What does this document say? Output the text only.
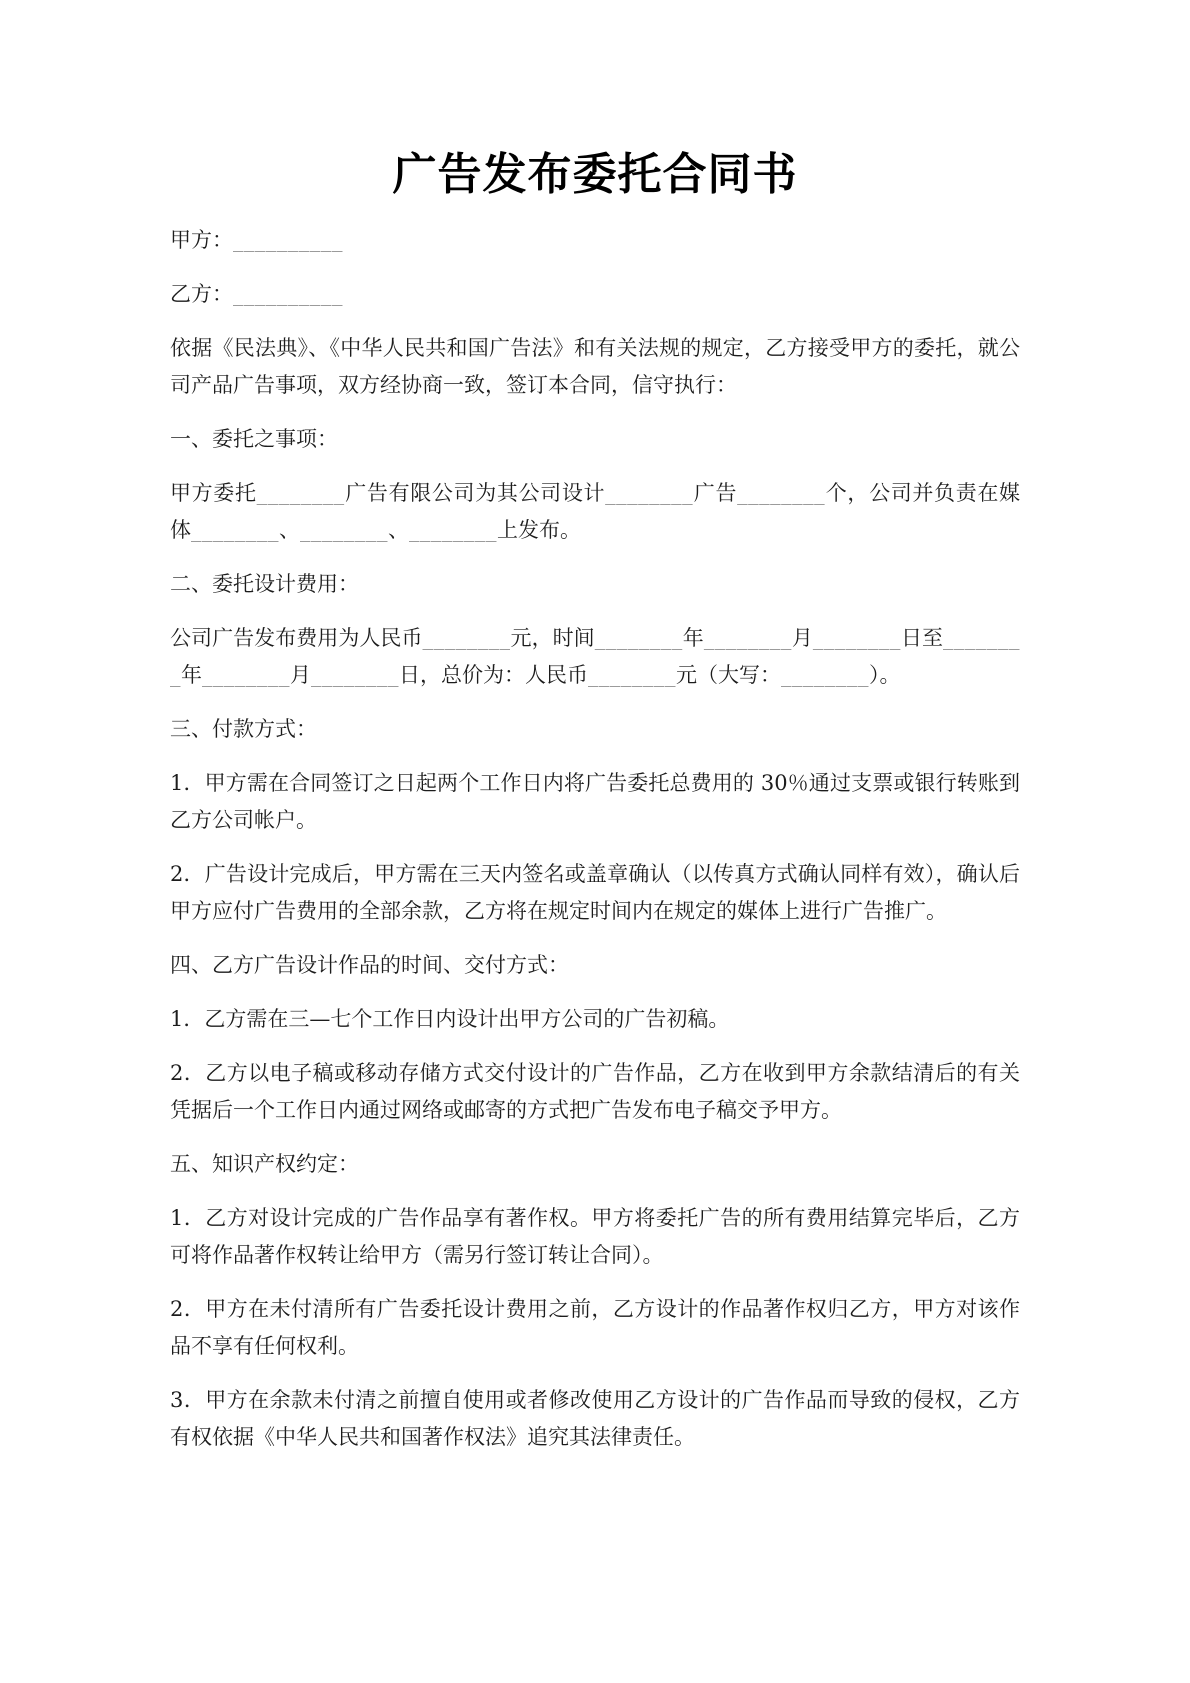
广告发布委托合同书

甲方：__________

乙方：__________

依据《民法典》、《中华人民共和国广告法》和有关法规的规定，乙方接受甲方的委托，就公司产品广告事项，双方经协商一致，签订本合同，信守执行：

一、委托之事项：

甲方委托________广告有限公司为其公司设计________广告________个，公司并负责在媒体________、________、________上发布。

二、委托设计费用：

公司广告发布费用为人民币________元，时间________年________月________日至________年________月________日，总价为：人民币________元（大写：________）。

三、付款方式：

1．甲方需在合同签订之日起两个工作日内将广告委托总费用的 30％通过支票或银行转账到乙方公司帐户。

2．广告设计完成后，甲方需在三天内签名或盖章确认（以传真方式确认同样有效），确认后甲方应付广告费用的全部余款，乙方将在规定时间内在规定的媒体上进行广告推广。

四、乙方广告设计作品的时间、交付方式：

1．乙方需在三—七个工作日内设计出甲方公司的广告初稿。

2．乙方以电子稿或移动存储方式交付设计的广告作品，乙方在收到甲方余款结清后的有关凭据后一个工作日内通过网络或邮寄的方式把广告发布电子稿交予甲方。

五、知识产权约定：

1．乙方对设计完成的广告作品享有著作权。甲方将委托广告的所有费用结算完毕后，乙方可将作品著作权转让给甲方（需另行签订转让合同）。

2．甲方在未付清所有广告委托设计费用之前，乙方设计的作品著作权归乙方，甲方对该作品不享有任何权利。

3．甲方在余款未付清之前擅自使用或者修改使用乙方设计的广告作品而导致的侵权，乙方有权依据《中华人民共和国著作权法》追究其法律责任。
